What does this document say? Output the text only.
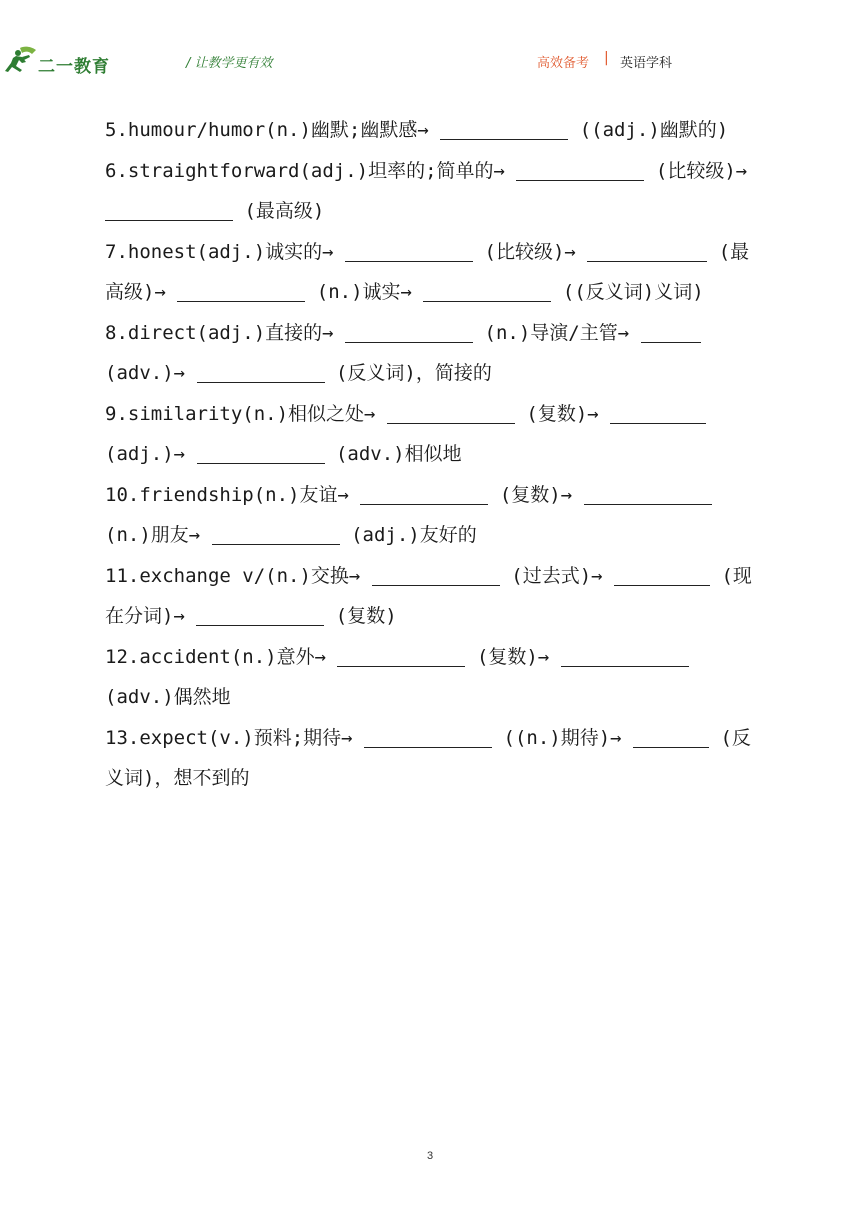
二一教育	/ 让教学更有效	高效备考 | 英语学科

5.humour/humor(n.)幽默;幽默感→	((adj.)幽默的)

6.straightforward(adj.)坦率的;简单的→	(比较级)→  (最高级)

7.honest(adj.)诚实的→	(比较级)→	(最高级)→	(n.)诚实→	((反义词)义词)

8.direct(adj.)直接的→	(n.)导演/主管→  (adv.)→	(反义词)，简接的

9.similarity(n.)相似之处→	(复数)→  (adj.)→	(adv.)相似地

10.friendship(n.)友谊→	(复数)→  (n.)朋友→	(adj.)友好的

11.exchange v/(n.)交换→	(过去式)→	(现在分词)→	(复数)

12.accident(n.)意外→	(复数)→  (adv.)偶然地

13.expect(v.)预料;期待→	((n.)期待)→	(反义词)，想不到的

3
